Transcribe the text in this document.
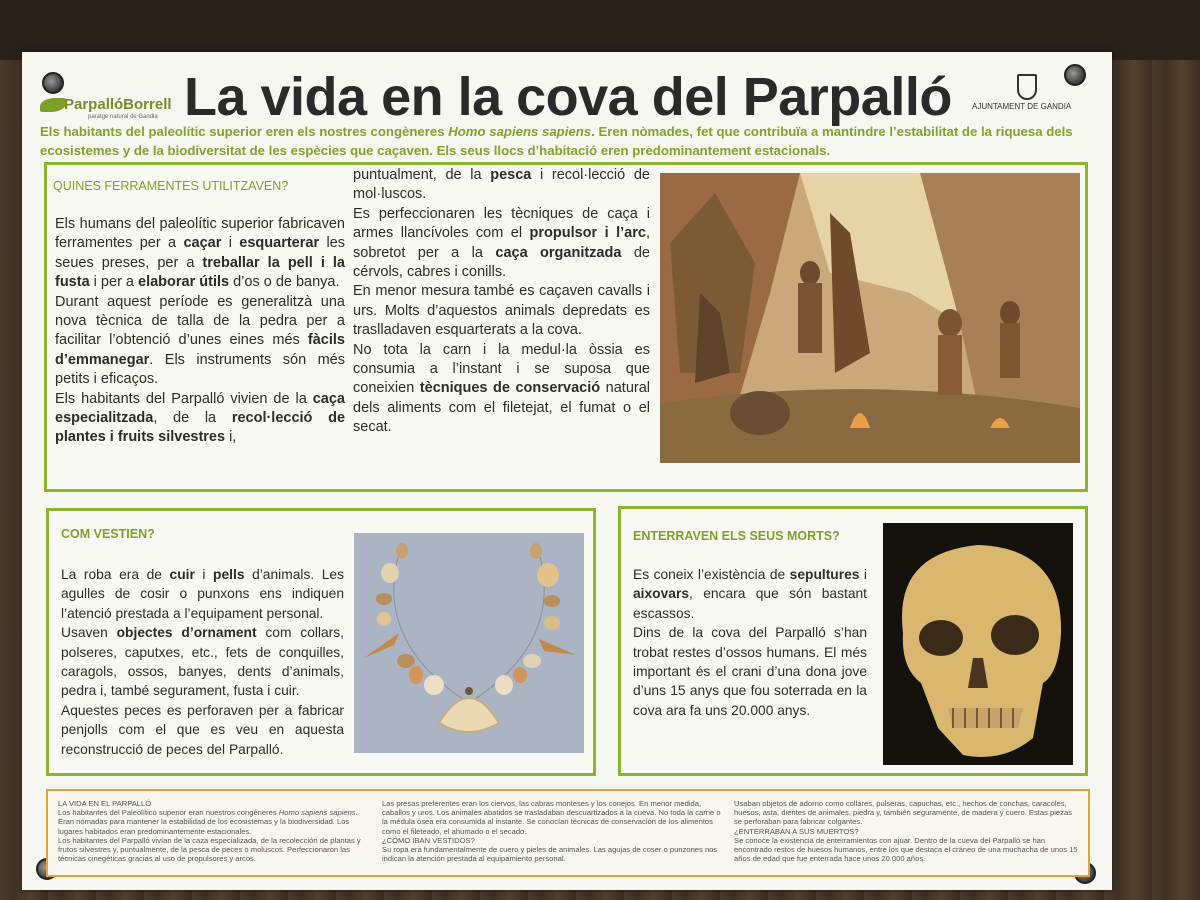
ParpallóBorrell
paratge natural de Gandia La vida en la cova del Parpalló	AJUNTAMENT DE GANDIA
Els habitants del paleolític superior eren els nostres congèneres Homo sapiens sapiens. Eren nòmades, fet que contribuïa a mantindre l’estabilitat de la riquesa dels ecosistemes y de la biodiversitat de les espècies que caçaven. Els seus llocs d’habitació eren predominantement estacionals.
QUINES FERRAMENTES UTILITZAVEN?
Els humans del paleolític superior fabricaven ferramentes per a caçar i esquarterar les seues preses, per a treballar la pell i la fusta i per a elaborar útils d’os o de banya.
Durant aquest període es generalitzà una nova tècnica de talla de la pedra per a facilitar l’obtenció d’unes eines més fàcils d’emmanegar. Els instruments són més petits i eficaços.
Els habitants del Parpalló vivien de la caça especialitzada, de la recol·lecció de plantes i fruits silvestres i,
puntualment, de la pesca i recol·lecció de mol·luscos.
Es perfeccionaren les tècniques de caça i armes llancívoles com el propulsor i l’arc, sobretot per a la caça organitzada de cérvols, cabres i conills.
En menor mesura també es caçaven cavalls i urs. Molts d’aquestos animals depredats es traslladaven esquarterats a la cova.
No tota la carn i la medul·la òssia es consumia a l’instant i se suposa que coneixien tècniques de conservació natural dels aliments com el filetejat, el fumat o el secat.
COM VESTIEN?
La roba era de cuir i pells d’animals. Les agulles de cosir o punxons ens indiquen l’atenció prestada a l’equipament personal.
Usaven objectes d’ornament com collars, polseres, caputxes, etc., fets de conquilles, caragols, ossos, banyes, dents d’animals, pedra i, també segurament, fusta i cuir.
Aquestes peces es perforaven per a fabricar penjolls com el que es veu en aquesta reconstrucció de peces del Parpalló.
ENTERRAVEN ELS SEUS MORTS?
Es coneix l’existència de sepultures i aixovars, encara que són bastant escassos.
Dins de la cova del Parpalló s’han trobat restes d’ossos humans. El més important és el crani d’una dona jove d’uns 15 anys que fou soterrada en la cova ara fa uns 20.000 anys.
LA VIDA EN EL PARPALLÓ
Los habitantes del Paleolítico superior eran nuestros congéneres Homo sapiens sapiens. Eran nómadas para mantener la estabilidad de los ecosistemas y la biodiversidad. Los lugares habitados eran predominantemente estacionales.
Los habitantes del Parpalló vivían de la caza especializada, de la recolección de plantas y frutos silvestres y, puntualmente, de la pesca de peces o moluscos. Perfeccionaron las técnicas cinegéticas gracias al uso de propulsores y arcos.
Las presas preferentes eran los ciervos, las cabras monteses y los conejos. En menor medida, caballos y uros. Los animales abatidos se trasladaban descuartizados a la cueva. No toda la carne o la médula ósea era consumida al instante. Se conocían técnicas de conservación de los alimentos como el fileteado, el ahumado o el secado.
¿CÓMO IBAN VESTIDOS?
Su ropa era fundamentalmente de cuero y pieles de animales. Las agujas de coser o punzones nos indican la atención prestada al equipamiento personal.
Usaban objetos de adorno como collares, pulseras, capuchas, etc., hechos de conchas, caracoles, huesos, asta, dientes de animales, piedra y, también seguramente, de madera y cuero. Estas piezas se perforaban para fabricar colgantes.
¿ENTERRABAN A SUS MUERTOS?
Se conoce la existencia de enterramientos con ajuar. Dentro de la cueva del Parpalló se han encontrado restos de huesos humanos, entre los que destaca el cráneo de una muchacha de unos 15 años de edad que fue enterrada hace unos 20.000 años.
